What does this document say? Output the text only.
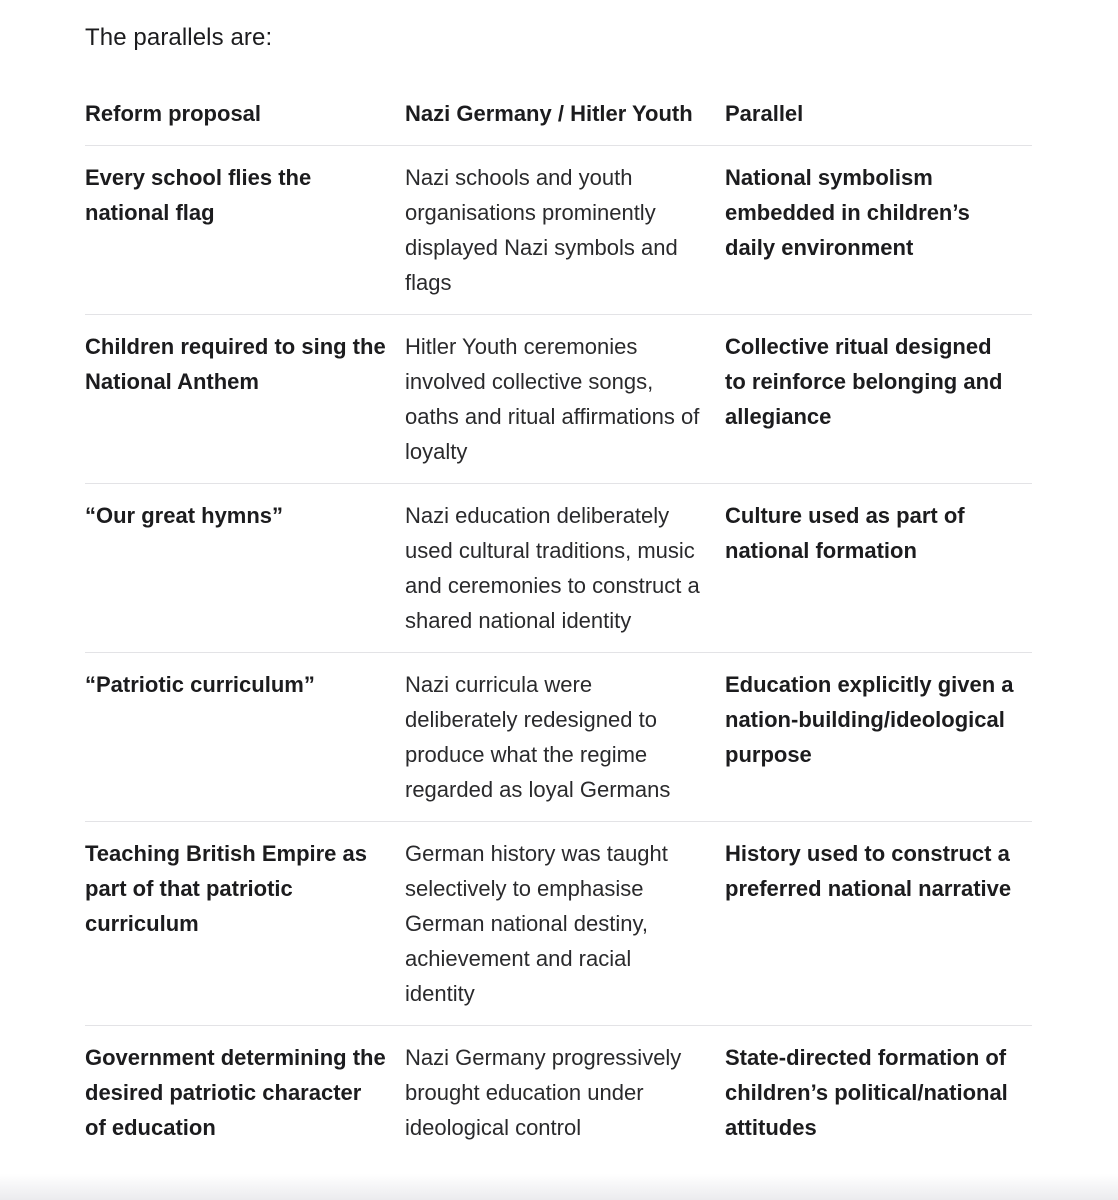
The parallels are:

Reform proposal	Nazi Germany / Hitler Youth	Parallel
Every school flies the national flag	Nazi schools and youth organisations prominently displayed Nazi symbols and flags	National symbolism embedded in children’s daily environment
Children required to sing the National Anthem	Hitler Youth ceremonies involved collective songs, oaths and ritual affirmations of loyalty	Collective ritual designed to reinforce belonging and allegiance
“Our great hymns”	Nazi education deliberately used cultural traditions, music and ceremonies to construct a shared national identity	Culture used as part of national formation
“Patriotic curriculum”	Nazi curricula were deliberately redesigned to produce what the regime regarded as loyal Germans	Education explicitly given a nation-building/ideological purpose
Teaching British Empire as part of that patriotic curriculum	German history was taught selectively to emphasise German national destiny, achievement and racial identity	History used to construct a preferred national narrative
Government determining the desired patriotic character of education	Nazi Germany progressively brought education under ideological control	State-directed formation of children’s political/national attitudes
